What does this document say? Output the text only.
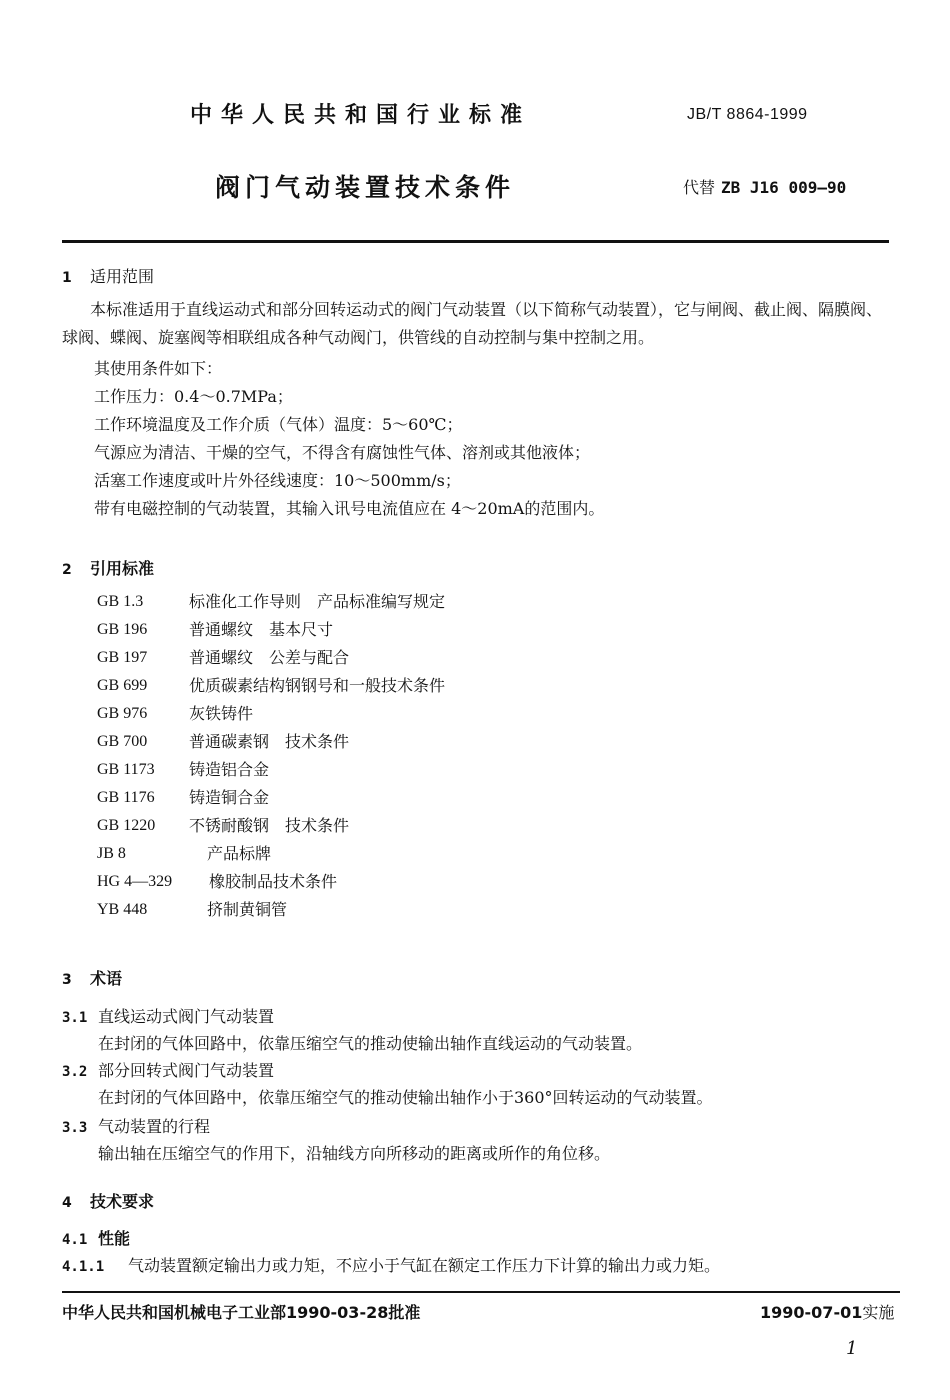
中华人民共和国行业标准	JB/T 8864-1999
阀门气动装置技术条件	代替 ZB J16 009—90
1 适用范围
本标准适用于直线运动式和部分回转运动式的阀门气动装置（以下简称气动装置），它与闸阀、截止阀、隔膜阀、球阀、蝶阀、旋塞阀等相联组成各种气动阀门，供管线的自动控制与集中控制之用。
其使用条件如下：
工作压力：0.4～0.7MPa；
工作环境温度及工作介质（气体）温度：5～60℃；
气源应为清洁、干燥的空气，不得含有腐蚀性气体、溶剂或其他液体；
活塞工作速度或叶片外径线速度：10～500mm/s；
带有电磁控制的气动装置，其输入讯号电流值应在 4～20mA的范围内。
2 引用标准
GB 1.3	标准化工作导则　产品标准编写规定
GB 196	普通螺纹　基本尺寸
GB 197	普通螺纹　公差与配合
GB 699	优质碳素结构钢钢号和一般技术条件
GB 976	灰铁铸件
GB 700	普通碳素钢　技术条件
GB 1173	铸造铝合金
GB 1176	铸造铜合金
GB 1220	不锈耐酸钢　技术条件
JB 8	产品标牌
HG 4—329	橡胶制品技术条件
YB 448	挤制黄铜管
3 术语
3.1 直线运动式阀门气动装置
在封闭的气体回路中，依靠压缩空气的推动使输出轴作直线运动的气动装置。
3.2 部分回转式阀门气动装置
在封闭的气体回路中，依靠压缩空气的推动使输出轴作小于360°回转运动的气动装置。
3.3 气动装置的行程
输出轴在压缩空气的作用下，沿轴线方向所移动的距离或所作的角位移。
4 技术要求
4.1 性能
4.1.1 气动装置额定输出力或力矩，不应小于气缸在额定工作压力下计算的输出力或力矩。
中华人民共和国机械电子工业部1990-03-28批准	1990-07-01实施
1
